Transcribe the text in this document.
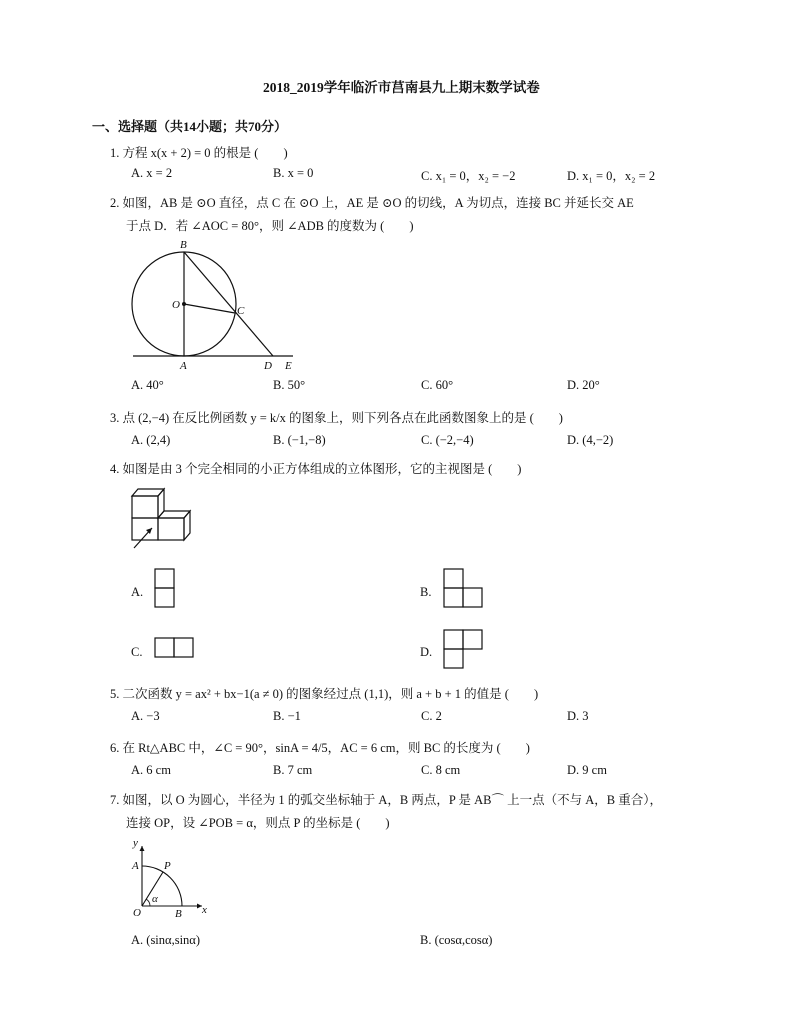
2018_2019学年临沂市莒南县九上期末数学试卷
一、选择题（共14小题；共70分）
1. 方程 x(x + 2) = 0 的根是 (　　)
A. x = 2	B. x = 0	C. x₁ = 0，x₂ = −2	D. x₁ = 0，x₂ = 2
2. 如图，AB 是 ⊙O 直径，点 C 在 ⊙O 上，AE 是 ⊙O 的切线，A 为切点，连接 BC 并延长交 AE
于点 D．若 ∠AOC = 80°，则 ∠ADB 的度数为 (　　)
B
O	C
A	D E
A. 40°	B. 50°	C. 60°	D. 20°
3. 点 (2,−4) 在反比例函数 y = k/x 的图象上，则下列各点在此函数图象上的是 (　　)
A. (2,4)	B. (−1,−8)	C. (−2,−4)	D. (4,−2)
4. 如图是由 3 个完全相同的小正方体组成的立体图形，它的主视图是 (　　)
A.	B.
C.	D.
5. 二次函数 y = ax² + bx−1(a ≠ 0) 的图象经过点 (1,1)，则 a + b + 1 的值是 (　　)
A. −3	B. −1	C. 2	D. 3
6. 在 Rt△ABC 中，∠C = 90°，sinA = 4/5，AC = 6 cm，则 BC 的长度为 (　　)
A. 6 cm	B. 7 cm	C. 8 cm	D. 9 cm
7. 如图，以 O 为圆心，半径为 1 的弧交坐标轴于 A，B 两点，P 是 AB⌒ 上一点（不与 A，B 重合），
连接 OP，设 ∠POB = α，则点 P 的坐标是 (　　)
y
A P
α
O	B x
A. (sinα,sinα)	B. (cosα,cosα)
